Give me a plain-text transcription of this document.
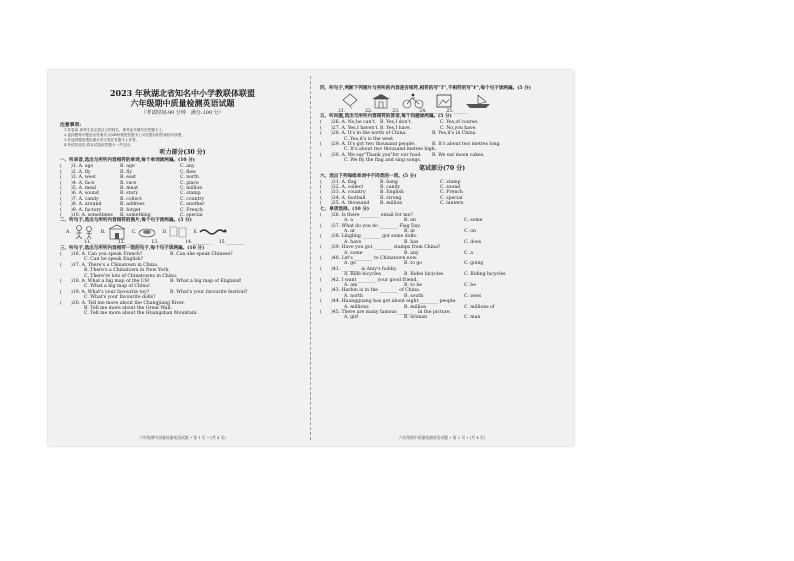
2023 年秋湖北省知名中小学教联体联盟
六年级期中质量检测英语试题
（考试时间:90 分钟　满分:100 分）
注意事项:
1.答卷前,请考生务必将自己的姓名、准考证号填写在答题卡上。
2.选择题每小题选出答案后,用2B铅笔把答题卡上对应题目的答案标号涂黑。
3.非选择题用黑色墨水签字笔在答题卡上作答。
4.考试结束后,将本试卷和答题卡一并交回。
听力部分(30 分)
一、听录音,选出与所听内容相符的单词,每个单词读两遍。(10 分)
(　　)1. A. ago	B. age	C. any
(　　)2. A. fly	B. fly	C. flew
(　　)3. A. west	B. east	C. north
(　　)4. A. face	B. race	C. place
(　　)5. A. meal	B. meat	C. million
(　　)6. A. sound	B. story	C. stamp
(　　)7. A. candy	B. collect	C. country
(　　)8. A. around	B. address	C. another
(　　)9. A. factory	B. forget	C. French
(　　)10. A. sometimes	B. something	C. special
二、听句子,选出与所听内容相符的图片,每个句子读两遍。(5 分)
A.	B.	C.	D.	E.
11.________ 12.________ 13.________ 14.________ 15.________
三、听句子,选出与所听内容相符一致的句子,每个句子读两遍。(10 分)
(　　)16. A. Can you speak French?	B. Can she speak Chinese?
C. Can he speak English?
(　　)17. A. There's a Chinatown in China.
B. There's a Chinatown in New York.
C. There're lots of Chinatowns in China.
(　　)18. A. What a big map of the US!	B. What a big map of England!
C. What a big map of China!
(　　)19. A. What's your favourite toy?	B. What's your favourite festival?
C. What's your favourite dolls?
(　　)20. A. Tell me more about the Changjiang River.
B. Tell me more about the Great Wall.
C. Tell me more about the Huangshan Mountain.
六年级期中质量检测英语试题 • 第 1 页 • (共 4 页)
四、听句子,判断下列图片与所听的内容是否相符,相符的写"T",不相符的写"F",每个句子读两遍。(5 分)
21.______ 22.______ 23.______ 24.______ 25.______
五、听问题,选出与所听内容相符的答语,每个问题读两遍。(5 分)
(　　)26. A. No,he can't. B. Yes,I don't.	C. Yes,of course.
(　　)27. A. Yes,I haven't. B. Yes,I have.	C. No,you have.
(　　)28. A. It's in the north of China.	B. Yes,it's in China.
C. Yes,it's is the west.
(　　)29. A. It's got two thousand people.	B. It's about two metres long.
C. It's about two thousand metres high.
(　　)30. A. We say"Thank you"for our food.	B. We eat moon cakes.
C. We fly the flag and sing songs.
笔试部分(70 分)
六、选出下列每组单词中不同类的一项。(5 分)
(　　)31. A. flag	B. bang	C. stamp
(　　)32. A. collect	B. candy	C. sound
(　　)33. A. country	B. English	C. French
(　　)34. A. football	B. strong	C. special
(　　)35. A. thousand	B. million	C. lantern
七、单项选择。(10 分)
(　　)36. Is there ________ email for me?
A. a	B. an	C. some
(　　)37. What do you do ________ Flag Day.
A. at	B. in	C. on
(　　)38. Lingling ________ got some dolls.
A. have	B. has	C. does
(　　)39. Have you got ________ stamps from China?
A. some	B. any	C. a
(　　)40. Let's ________ to Chinatown now.
A. go	B. to go	C. going
(　　)41. ________ is Amy's hobby.
A. Ride bicycles	B. Rides bicycles	C. Riding bicycles
(　　)42. I want ________ your good friend.
A. am	B. to be	C. be
(　　)43. Harbin is in the ________ of China.
A. north	B. south	C. west
(　　)44. Huangguang has got about eight ________ people.
A. millions	B. million	C. millions of
(　　)45. There are many famous ________ in the picture.
A. girl	B. woman	C. man
六年级期中质量检测英语试题 • 第 2 页 • (共 4 页)
